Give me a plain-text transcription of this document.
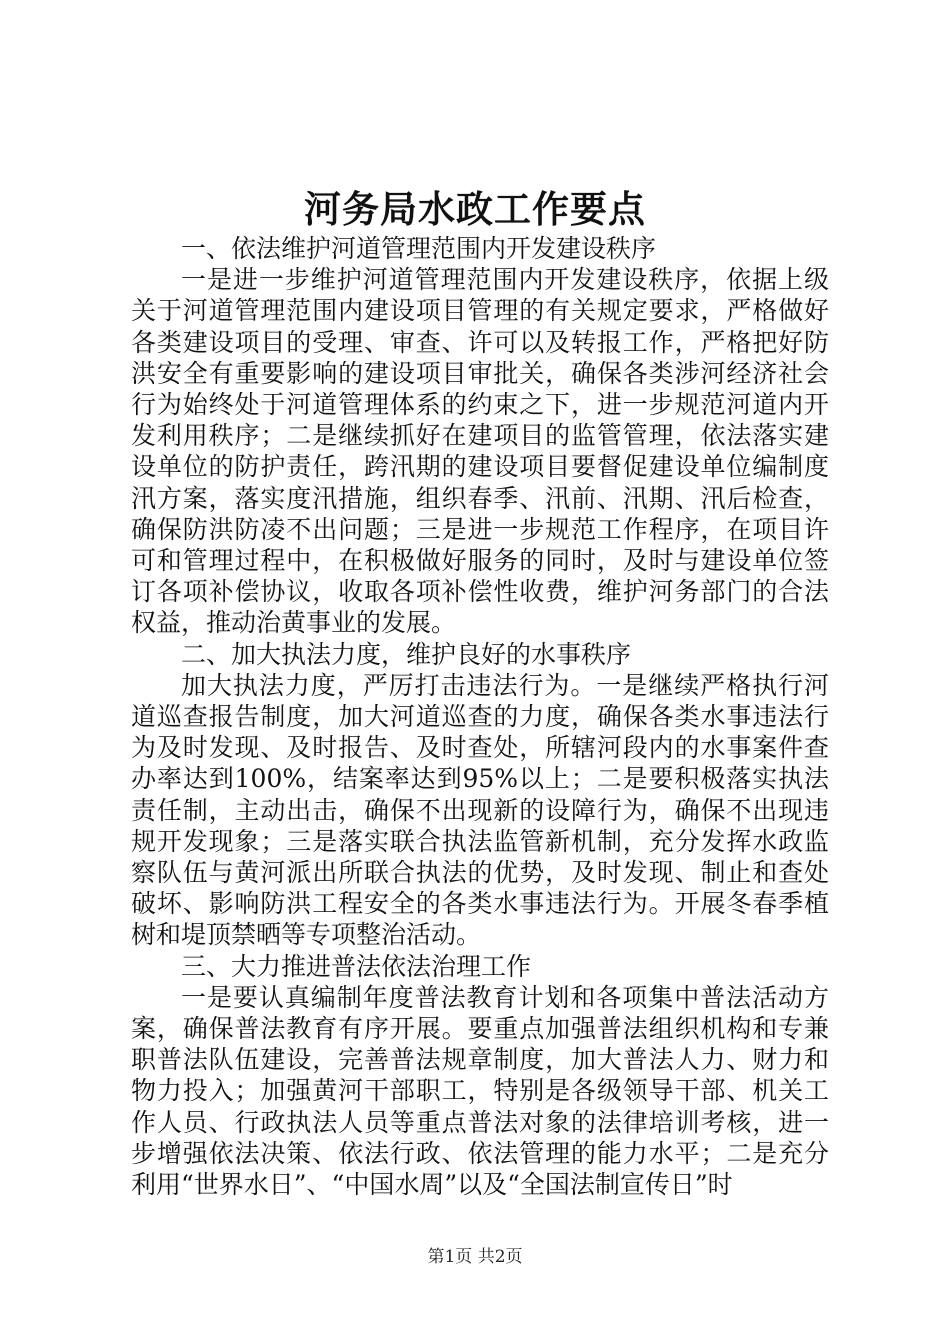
河务局水政工作要点

一、依法维护河道管理范围内开发建设秩序

一是进一步维护河道管理范围内开发建设秩序，依据上级关于河道管理范围内建设项目管理的有关规定要求，严格做好各类建设项目的受理、审查、许可以及转报工作，严格把好防洪安全有重要影响的建设项目审批关，确保各类涉河经济社会行为始终处于河道管理体系的约束之下，进一步规范河道内开发利用秩序；二是继续抓好在建项目的监管管理，依法落实建设单位的防护责任，跨汛期的建设项目要督促建设单位编制度汛方案，落实度汛措施，组织春季、汛前、汛期、汛后检查，确保防洪防凌不出问题；三是进一步规范工作程序，在项目许可和管理过程中，在积极做好服务的同时，及时与建设单位签订各项补偿协议，收取各项补偿性收费，维护河务部门的合法权益，推动治黄事业的发展。

二、加大执法力度，维护良好的水事秩序

加大执法力度，严厉打击违法行为。一是继续严格执行河道巡查报告制度，加大河道巡查的力度，确保各类水事违法行为及时发现、及时报告、及时查处，所辖河段内的水事案件查办率达到100%，结案率达到95%以上；二是要积极落实执法责任制，主动出击，确保不出现新的设障行为，确保不出现违规开发现象；三是落实联合执法监管新机制，充分发挥水政监察队伍与黄河派出所联合执法的优势，及时发现、制止和查处破坏、影响防洪工程安全的各类水事违法行为。开展冬春季植树和堤顶禁晒等专项整治活动。

三、大力推进普法依法治理工作

一是要认真编制年度普法教育计划和各项集中普法活动方案，确保普法教育有序开展。要重点加强普法组织机构和专兼职普法队伍建设，完善普法规章制度，加大普法人力、财力和物力投入；加强黄河干部职工，特别是各级领导干部、机关工作人员、行政执法人员等重点普法对象的法律培训考核，进一步增强依法决策、依法行政、依法管理的能力水平；二是充分利用“世界水日”、“中国水周”以及“全国法制宣传日”时

第1页 共2页
